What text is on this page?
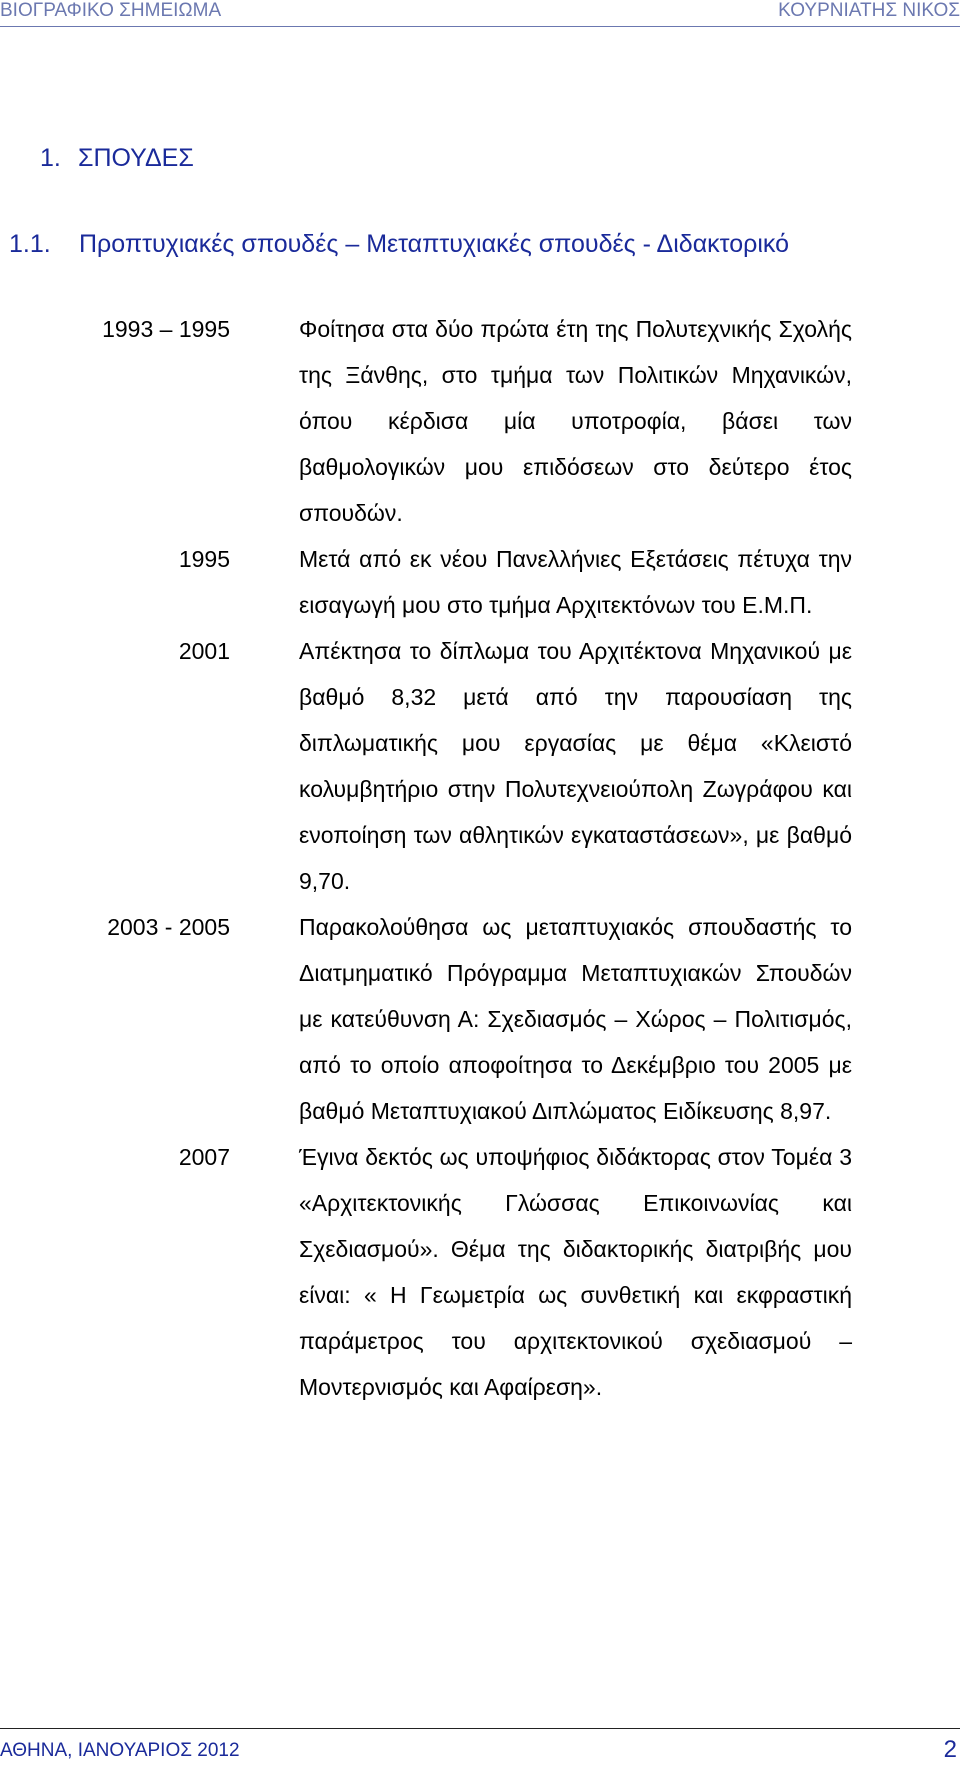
ΒΙΟΓΡΑΦΙΚΟ ΣΗΜΕΙΩΜΑ	ΚΟΥΡΝΙΑΤΗΣ ΝΙΚΟΣ
1. ΣΠΟΥΔΕΣ
1.1. Προπτυχιακές σπουδές – Μεταπτυχιακές σπουδές - Διδακτορικό
1993 – 1995	Φοίτησα στα δύο πρώτα έτη της Πολυτεχνικής Σχολής της Ξάνθης, στο τμήμα των Πολιτικών Μηχανικών, όπου κέρδισα μία υποτροφία, βάσει των βαθμολογικών μου επιδόσεων στο δεύτερο έτος σπουδών.
1995	Μετά από εκ νέου Πανελλήνιες Εξετάσεις πέτυχα την εισαγωγή μου στο τμήμα Αρχιτεκτόνων του Ε.Μ.Π.
2001	Απέκτησα το δίπλωμα του Αρχιτέκτονα Μηχανικού με βαθμό 8,32 μετά από την παρουσίαση της διπλωματικής μου εργασίας με θέμα «Κλειστό κολυμβητήριο στην Πολυτεχνειούπολη Ζωγράφου και ενοποίηση των αθλητικών εγκαταστάσεων», με βαθμό 9,70.
2003 - 2005	Παρακολούθησα ως μεταπτυχιακός σπουδαστής το Διατμηματικό Πρόγραμμα Μεταπτυχιακών Σπουδών με κατεύθυνση Α: Σχεδιασμός – Χώρος – Πολιτισμός, από το οποίο αποφοίτησα το Δεκέμβριο του 2005 με βαθμό Μεταπτυχιακού Διπλώματος Ειδίκευσης 8,97.
2007	Έγινα δεκτός ως υποψήφιος διδάκτορας στον Τομέα 3 «Αρχιτεκτονικής Γλώσσας Επικοινωνίας και Σχεδιασμού». Θέμα της διδακτορικής διατριβής μου είναι: « Η Γεωμετρία ως συνθετική και εκφραστική παράμετρος του αρχιτεκτονικού σχεδιασμού – Μοντερνισμός και Αφαίρεση».
ΑΘΗΝΑ, ΙΑΝΟΥΑΡΙΟΣ 2012	2
